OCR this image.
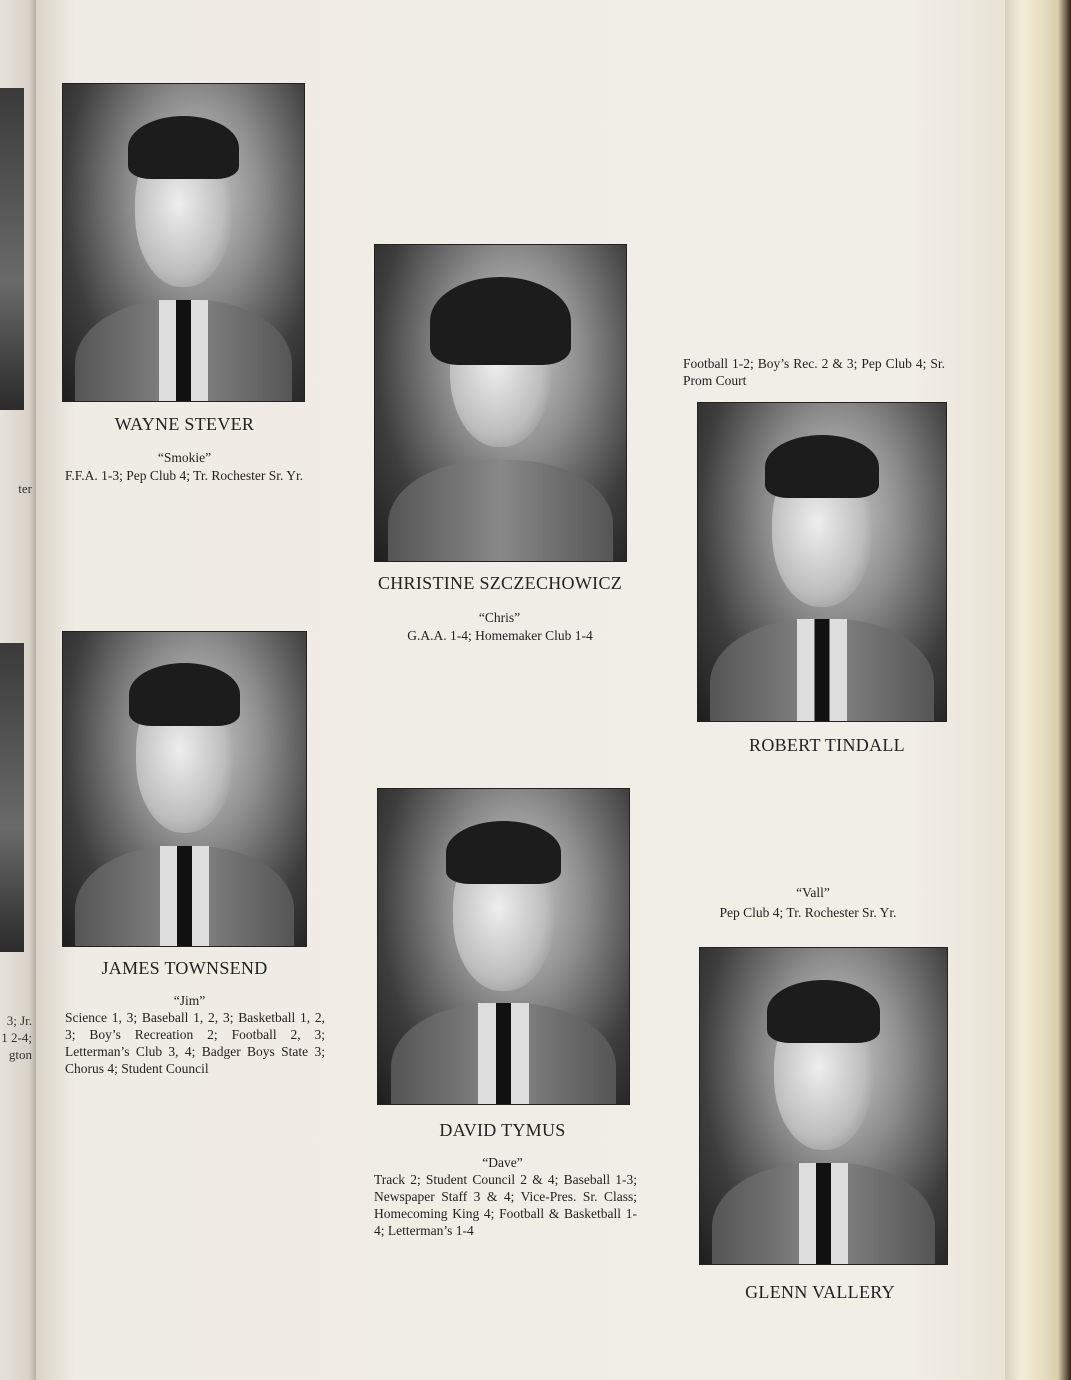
ter
3; Jr.
1 2-4;
gton
WAYNE STEVER
“Smokie”
F.F.A. 1-3; Pep Club 4; Tr. Rochester Sr. Yr.
CHRISTINE SZCZECHOWICZ
“Chris”
G.A.A. 1-4; Homemaker Club 1-4
Football 1-2; Boy’s Rec. 2 & 3; Pep Club 4; Sr. Prom Court
ROBERT TINDALL
JAMES TOWNSEND
“Jim”
Science 1, 3; Baseball 1, 2, 3; Basketball 1, 2, 3; Boy’s Recreation 2; Football 2, 3; Letterman’s Club 3, 4; Badger Boys State 3; Chorus 4; Student Council
DAVID TYMUS
“Dave”
Track 2; Student Council 2 & 4; Baseball 1-3; Newspaper Staff 3 & 4; Vice-Pres. Sr. Class; Homecoming King 4; Football & Basketball 1-4; Letterman’s 1-4
“Vall”
Pep Club 4; Tr. Rochester Sr. Yr.
GLENN VALLERY
